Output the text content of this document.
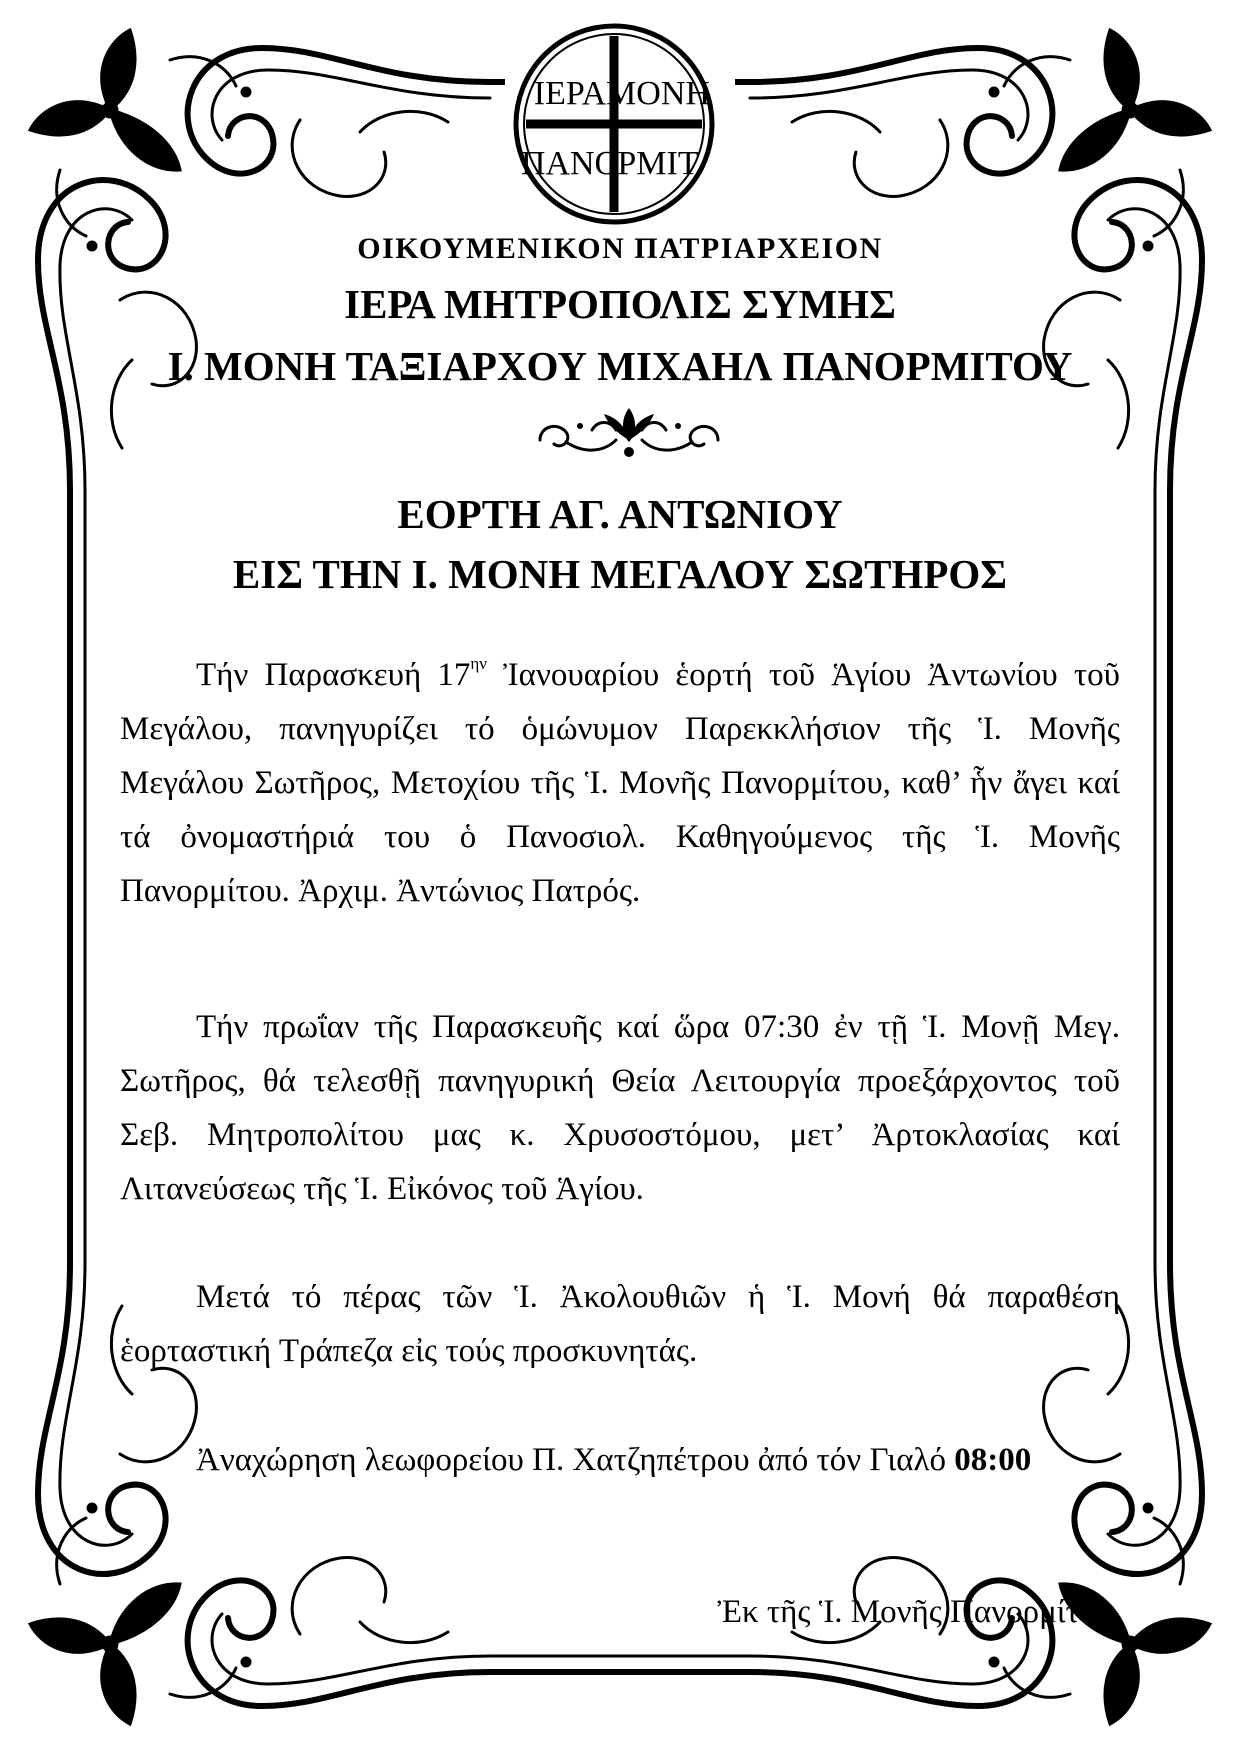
ΙΕΡΑ ΜΟΝΗ
ΠΑΝΟ
ΡΜΙΤ
ΟΙΚΟΥΜΕΝΙΚΟΝ ΠΑΤΡΙΑΡΧΕΙΟΝ
ΙΕΡΑ ΜΗΤΡΟΠΟΛΙΣ ΣΥΜΗΣ
Ι. ΜΟΝΗ ΤΑΞΙΑΡΧΟΥ ΜΙΧΑΗΛ ΠΑΝΟΡΜΙΤΟΥ
ΕΟΡΤΗ ΑΓ. ΑΝΤΩΝΙΟΥ
ΕΙΣ ΤΗΝ Ι. ΜΟΝΗ ΜΕΓΑΛΟΥ ΣΩΤΗΡΟΣ

Τήν Παρασκευή $17^{\eta\nu}$ Ἰανουαρίου ἑορτή τοῦ Ἁγίου Ἀντωνίου τοῦ Μεγάλου, πανηγυρίζει τό ὁμώνυμον Παρεκκλήσιον τῆς Ἱ. Μονῆς Μεγάλου Σωτῆρος, Μετοχίου τῆς Ἱ. Μονῆς Πανορμίτου, καθ’ ἧν ἄγει καί τά ὀνομαστήριά του ὁ Πανοσιολ. Καθηγούμενος τῆς Ἱ. Μονῆς Πανορμίτου. Ἀρχιμ. Ἀντώνιος Πατρός.

Τήν πρωΐαν τῆς Παρασκευῆς καί ὥρα 07:30 ἐν τῇ Ἱ. Μονῇ Μεγ. Σωτῆρος, θά τελεσθῇ πανηγυρική Θεία Λειτουργία προεξάρχοντος τοῦ Σεβ. Μητροπολίτου μας κ. Χρυσοστόμου, μετ’ Ἀρτοκλασίας καί Λιτανεύσεως τῆς Ἱ. Εἰκόνος τοῦ Ἁγίου.

Μετά τό πέρας τῶν Ἱ. Ἀκολουθιῶν ἡ Ἱ. Μονή θά παραθέση ἑορταστική Τράπεζα εἰς τούς προσκυνητάς.

Ἀναχώρηση λεωφορείου Π. Χατζηπέτρου ἀπό τόν Γιαλό 08:00

Ἐκ τῆς Ἱ. Μονῆς Πανορμίτου.
